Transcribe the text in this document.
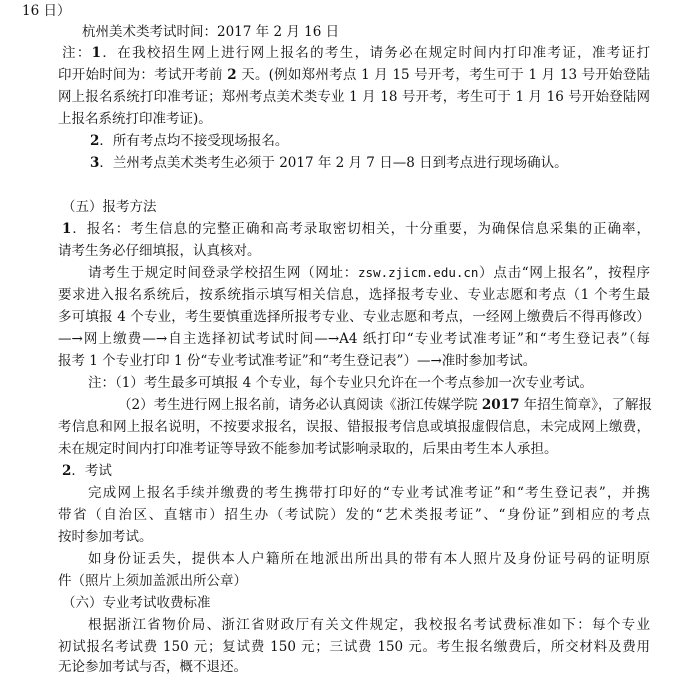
16 日）
杭州美术类考试时间：2017 年 2 月 16 日
注：1．在我校招生网上进行网上报名的考生，请务必在规定时间内打印准考证，准考证打
印开始时间为：考试开考前 2 天。(例如郑州考点 1 月 15 号开考，考生可于 1 月 13 号开始登陆
网上报名系统打印准考证；郑州考点美术类专业 1 月 18 号开考，考生可于 1 月 16 号开始登陆网
上报名系统打印准考证)。
2．所有考点均不接受现场报名。
3．兰州考点美术类考生必须于 2017 年 2 月 7 日—8 日到考点进行现场确认。
（五）报考方法
1．报名：考生信息的完整正确和高考录取密切相关，十分重要，为确保信息采集的正确率，
请考生务必仔细填报，认真核对。
请考生于规定时间登录学校招生网（网址：zsw.zjicm.edu.cn）点击“网上报名”，按程序
要求进入报名系统后，按系统指示填写相关信息，选择报考专业、专业志愿和考点（1 个考生最
多可填报 4 个专业，考生要慎重选择所报考专业、专业志愿和考点，一经网上缴费后不得再修改）
—→网上缴费—→自主选择初试考试时间—→A4 纸打印“专业考试准考证”和“考生登记表”（每
报考 1 个专业打印 1 份“专业考试准考证”和“考生登记表”）—→准时参加考试。
注：（1）考生最多可填报 4 个专业，每个专业只允许在一个考点参加一次专业考试。
（2）考生进行网上报名前，请务必认真阅读《浙江传媒学院 2017 年招生简章》，了解报
考信息和网上报名说明，不按要求报名，误报、错报报考信息或填报虚假信息，未完成网上缴费，
未在规定时间内打印准考证等导致不能参加考试影响录取的，后果由考生本人承担。
2．考试
完成网上报名手续并缴费的考生携带打印好的“专业考试准考证”和“考生登记表”，并携
带省（自治区、直辖市）招生办（考试院）发的“艺术类报考证”、“身份证”到相应的考点
按时参加考试。
如身份证丢失，提供本人户籍所在地派出所出具的带有本人照片及身份证号码的证明原
件（照片上须加盖派出所公章）
（六）专业考试收费标准
根据浙江省物价局、浙江省财政厅有关文件规定，我校报名考试费标准如下：每个专业
初试报名考试费 150 元；复试费 150 元；三试费 150 元。考生报名缴费后，所交材料及费用
无论参加考试与否，概不退还。
